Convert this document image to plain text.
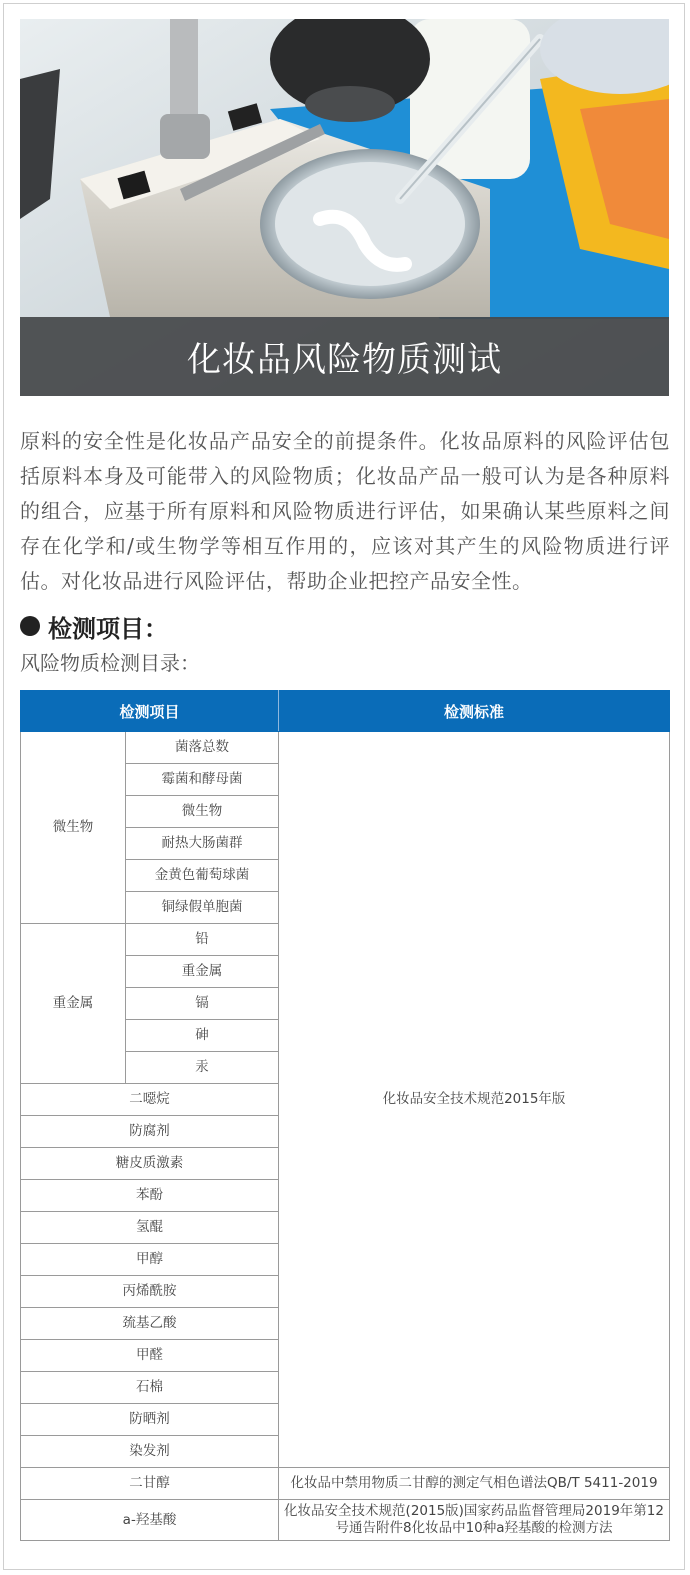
化妆品风险物质测试
原料的安全性是化妆品产品安全的前提条件。化妆品原料的风险评估包括原料本身及可能带入的风险物质；化妆品产品一般可认为是各种原料的组合，应基于所有原料和风险物质进行评估，如果确认某些原料之间存在化学和/或生物学等相互作用的，应该对其产生的风险物质进行评估。对化妆品进行风险评估，帮助企业把控产品安全性。
检测项目：
风险物质检测目录：
检测项目		检测标准
微生物	菌落总数	化妆品安全技术规范2015年版
	霉菌和酵母菌	
	微生物	
	耐热大肠菌群	
	金黄色葡萄球菌	
	铜绿假单胞菌	
重金属	铅	
	重金属	
	镉	
	砷	
	汞	
二噁烷		
防腐剂		
糖皮质激素		
苯酚		
氢醌		
甲醇		
丙烯酰胺		
巯基乙酸		
甲醛		
石棉		
防晒剂		
染发剂		
二甘醇		化妆品中禁用物质二甘醇的测定气相色谱法QB/T 5411-2019
a-羟基酸		化妆品安全技术规范(2015版)国家药品监督管理局2019年第12号通告附件8化妆品中10种a羟基酸的检测方法
